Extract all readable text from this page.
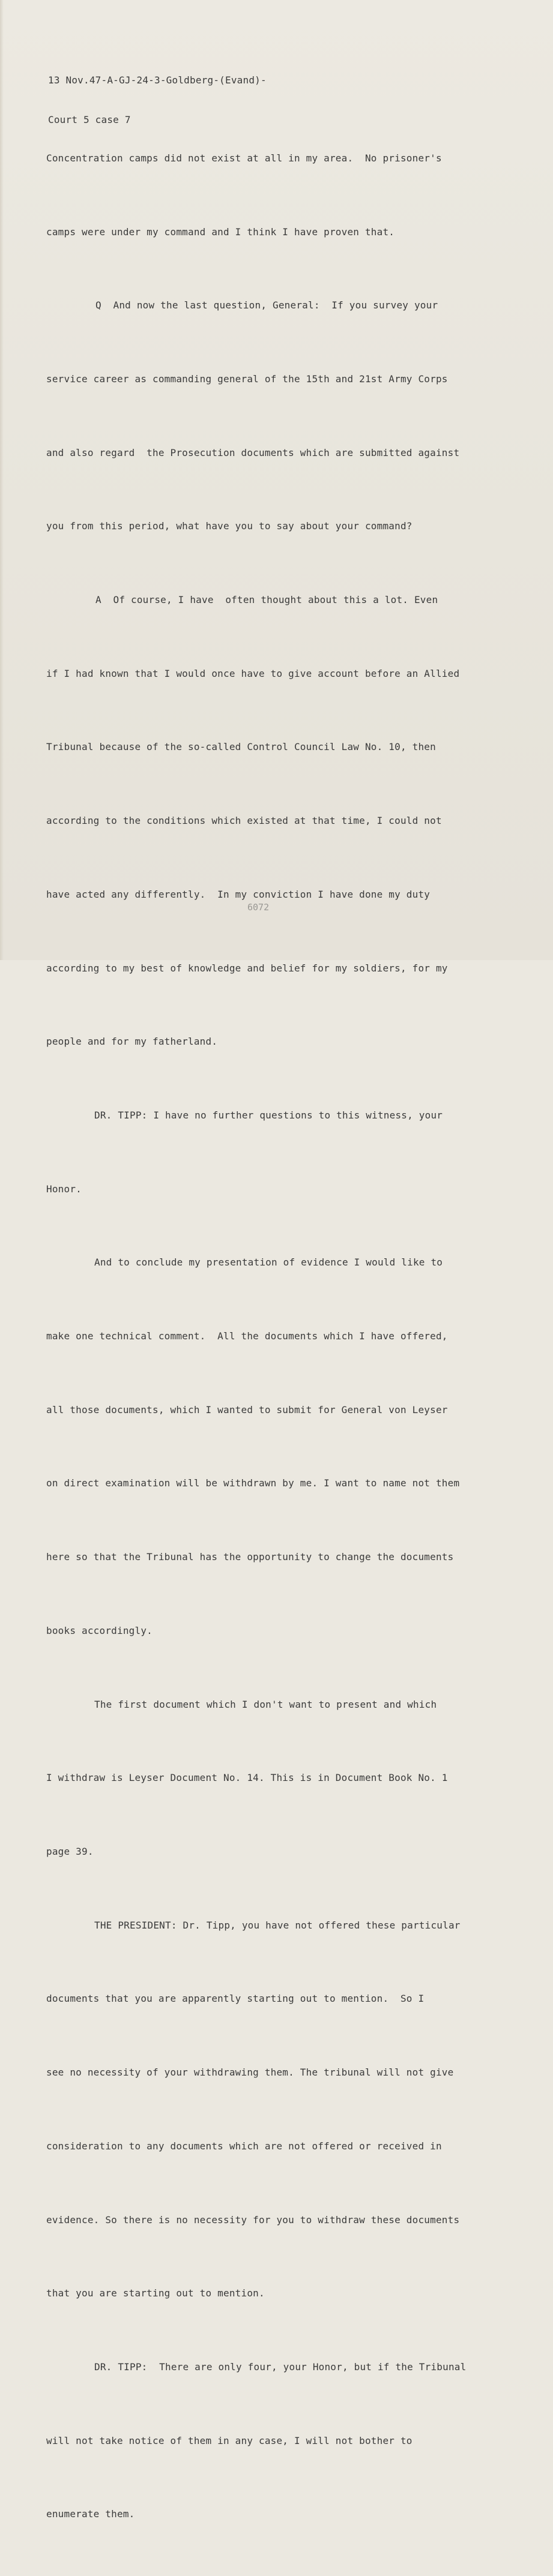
13 Nov.47-A-GJ-24-3-Goldberg-(Evand)-

Court 5 case 7

Concentration camps did not exist at all in my area.  No prisoner's

camps were under my command and I think I have proven that.

Q  And now the last question, General:  If you survey your

service career as commanding general of the 15th and 21st Army Corps

and also regard  the Prosecution documents which are submitted against

you from this period, what have you to say about your command?

A  Of course, I have  often thought about this a lot. Even

if I had known that I would once have to give account before an Allied

Tribunal because of the so-called Control Council Law No. 10, then

according to the conditions which existed at that time, I could not

have acted any differently.  In my conviction I have done my duty

according to my best of knowledge and belief for my soldiers, for my

people and for my fatherland.

DR. TIPP: I have no further questions to this witness, your

Honor.

And to conclude my presentation of evidence I would like to

make one technical comment.  All the documents which I have offered,

all those documents, which I wanted to submit for General von Leyser

on direct examination will be withdrawn by me. I want to name not them

here so that the Tribunal has the opportunity to change the documents

books accordingly.

The first document which I don't want to present and which

I withdraw is Leyser Document No. 14. This is in Document Book No. 1

page 39.

THE PRESIDENT: Dr. Tipp, you have not offered these particular

documents that you are apparently starting out to mention.  So I

see no necessity of your withdrawing them. The tribunal will not give

consideration to any documents which are not offered or received in

evidence. So there is no necessity for you to withdraw these documents

that you are starting out to mention.

DR. TIPP:  There are only four, your Honor, but if the Tribunal

will not take notice of them in any case, I will not bother to

enumerate them.

6072
